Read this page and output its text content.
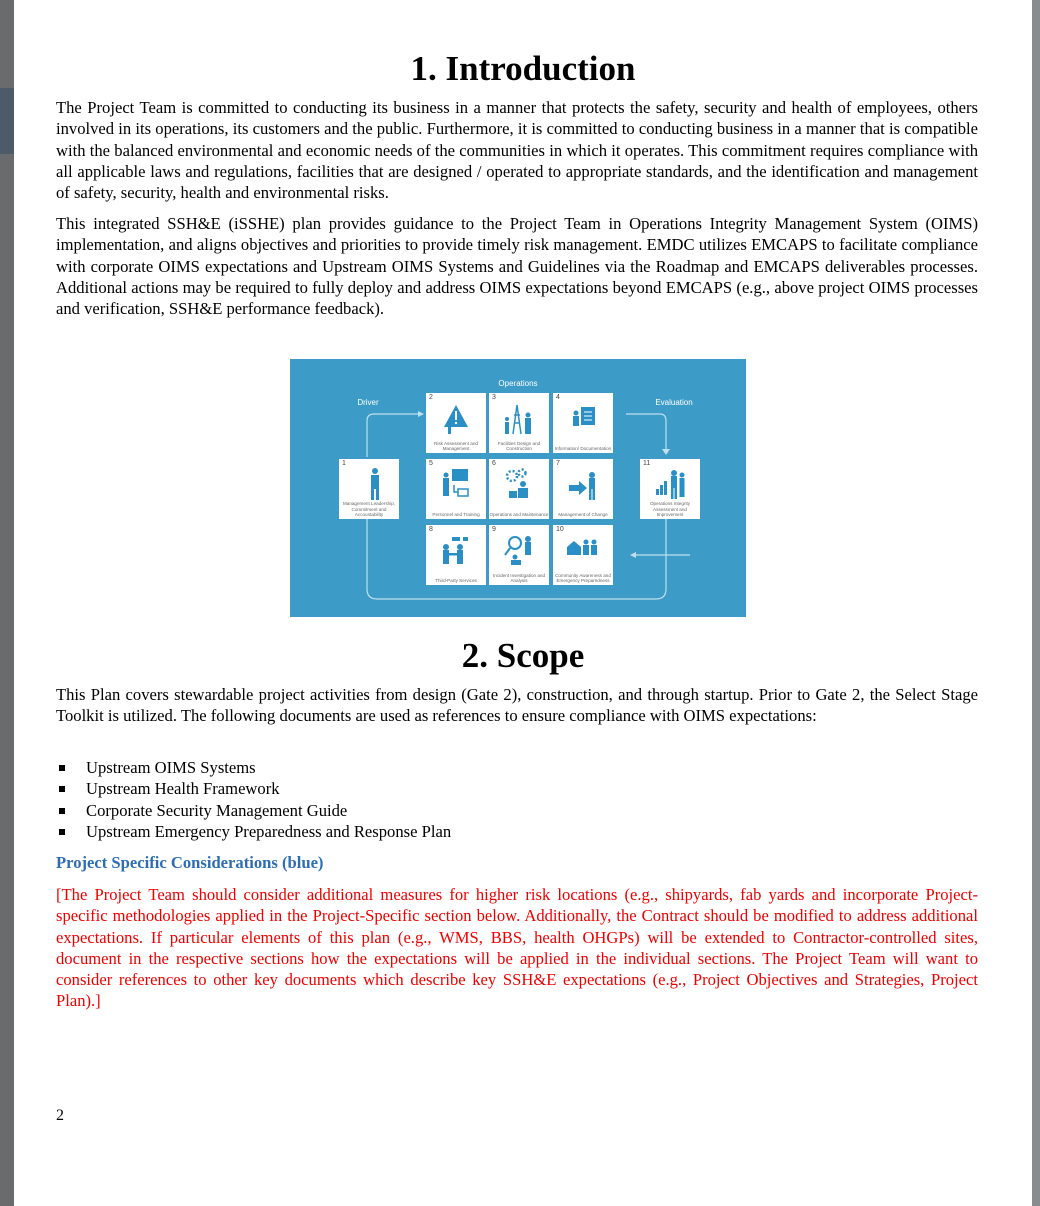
1. Introduction

The Project Team is committed to conducting its business in a manner that protects the safety, security and health of employees, others involved in its operations, its customers and the public. Furthermore, it is committed to conducting business in a manner that is compatible with the balanced environmental and economic needs of the communities in which it operates. This commitment requires compliance with all applicable laws and regulations, facilities that are designed / operated to appropriate standards, and the identification and management of safety, security, health and environmental risks.

This integrated SSH&E (iSSHE) plan provides guidance to the Project Team in Operations Integrity Management System (OIMS) implementation, and aligns objectives and priorities to provide timely risk management. EMDC utilizes EMCAPS to facilitate compliance with corporate OIMS expectations and Upstream OIMS Systems and Guidelines via the Roadmap and EMCAPS deliverables processes. Additional actions may be required to fully deploy and address OIMS expectations beyond EMCAPS (e.g., above project OIMS processes and verification, SSH&E performance feedback).

Operations
Driver	Evaluation
1
Management Leadership, Commitment and Accountability
2
Risk Assessment and Management
3
Facilities Design and Construction
4
Information/ Documentation
5
Personnel and Training
6
Operations and Maintenance
7
Management of Change
8
Third-Party Services
9
Incident Investigation and Analysis
10
Community Awareness and Emergency Preparedness
11
Operations Integrity Assessment and Improvement
2. Scope

This Plan covers stewardable project activities from design (Gate 2), construction, and through startup. Prior to Gate 2, the Select Stage Toolkit is utilized. The following documents are used as references to ensure compliance with OIMS expectations:

Upstream OIMS Systems
Upstream Health Framework
Corporate Security Management Guide
Upstream Emergency Preparedness and Response Plan
Project Specific Considerations (blue)

[The Project Team should consider additional measures for higher risk locations (e.g., shipyards, fab yards and incorporate Project-specific methodologies applied in the Project-Specific section below. Additionally, the Contract should be modified to address additional expectations. If particular elements of this plan (e.g., WMS, BBS, health OHGPs) will be extended to Contractor-controlled sites, document in the respective sections how the expectations will be applied in the individual sections. The Project Team will want to consider references to other key documents which describe key SSH&E expectations (e.g., Project Objectives and Strategies, Project Plan).]

2
